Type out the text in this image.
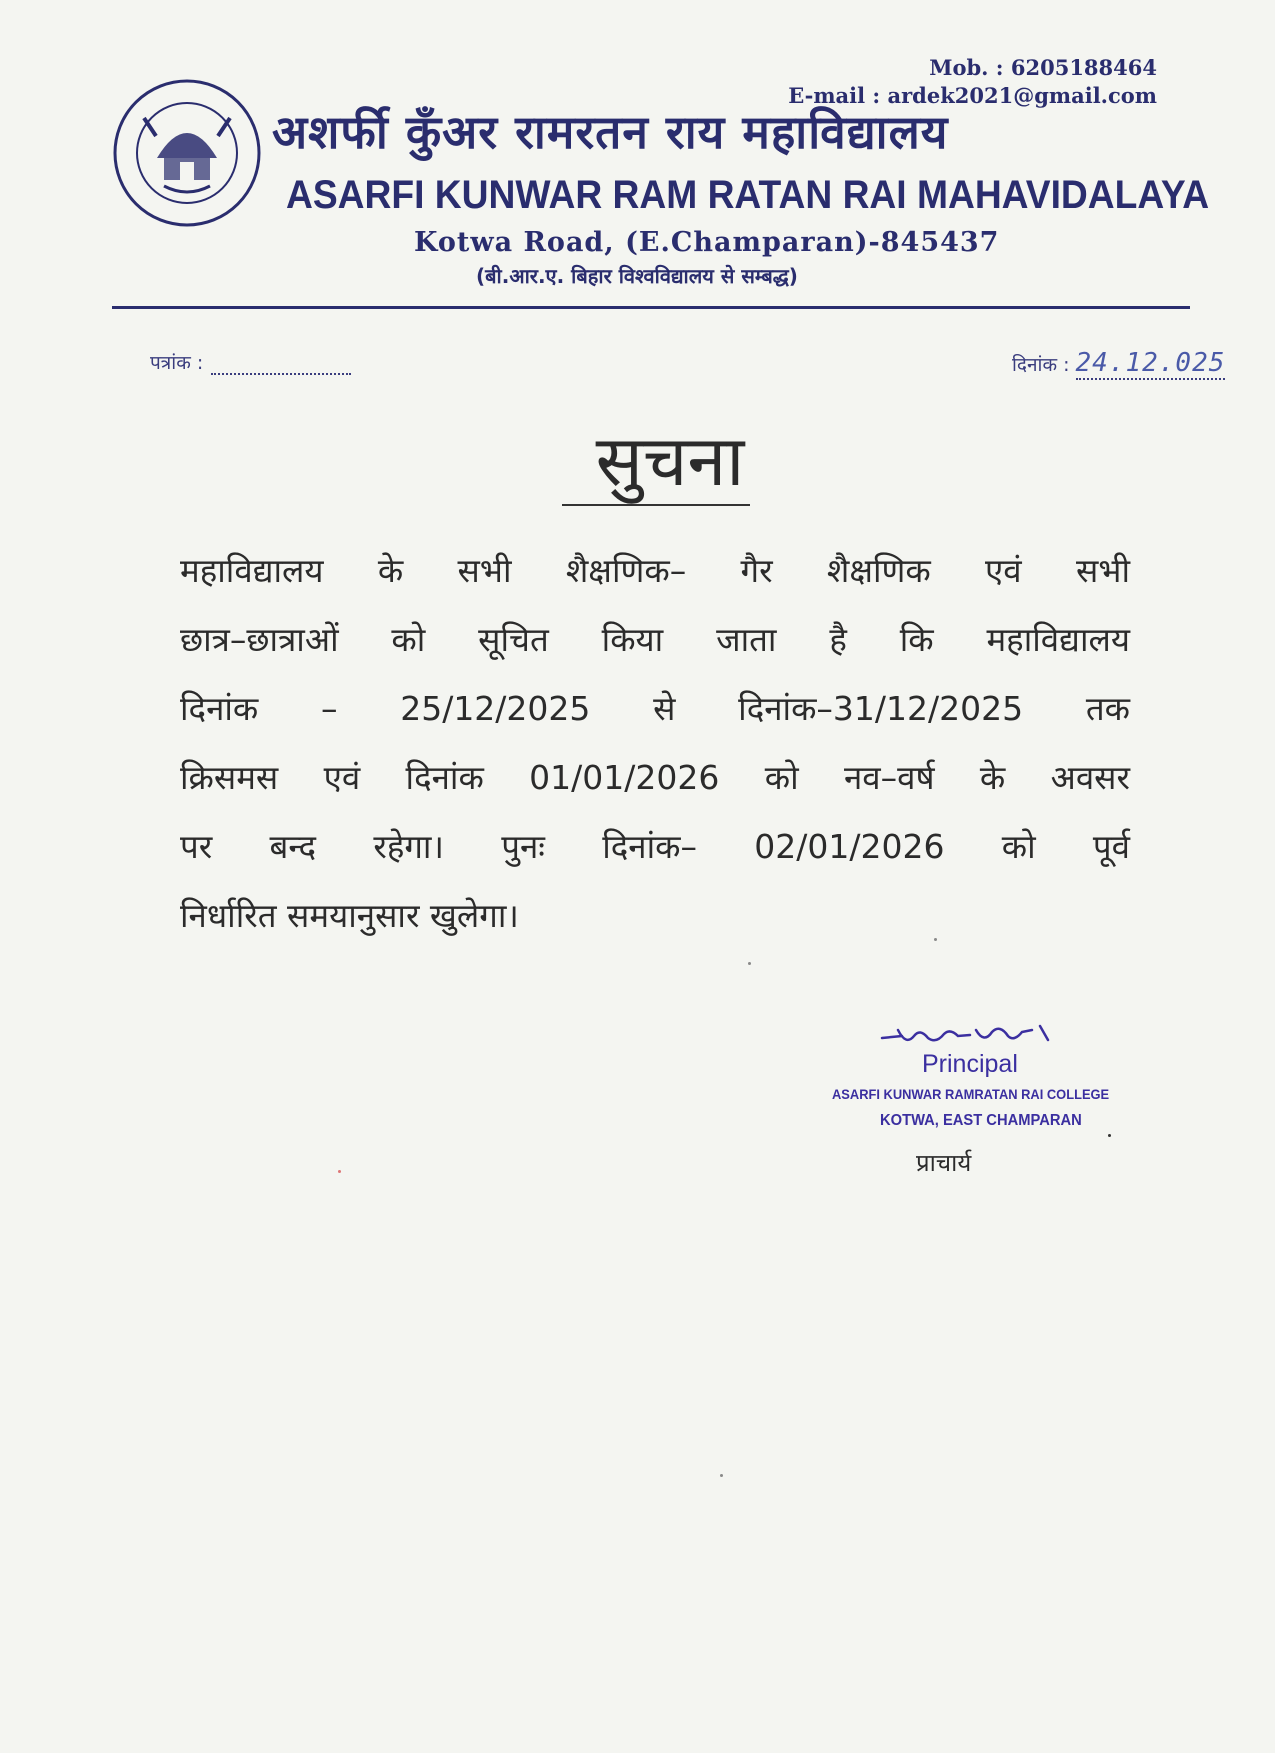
Mob. : 6205188464
E-mail : ardek2021@gmail.com
अशर्फी कुँअर रामरतन राय महाविद्यालय
ASARFI KUNWAR RAM RATAN RAI MAHAVIDALAYA
Kotwa Road, (E.Champaran)-845437
(बी.आर.ए. बिहार विश्वविद्यालय से सम्बद्ध)
पत्रांक :	दिनांक : 24.12.025
सुचना
महाविद्यालय के सभी शैक्षणिक– गैर शैक्षणिक एवं सभी
छात्र–छात्राओं को सूचित किया जाता है कि महाविद्यालय
दिनांक – 25/12/2025 से दिनांक–31/12/2025 तक
क्रिसमस एवं दिनांक 01/01/2026 को नव–वर्ष के अवसर
पर बन्द रहेगा। पुनः दिनांक– 02/01/2026 को पूर्व
निर्धारित समयानुसार खुलेगा।
Principal
ASARFI KUNWAR RAMRATAN RAI COLLEGE
KOTWA, EAST CHAMPARAN
प्राचार्य
